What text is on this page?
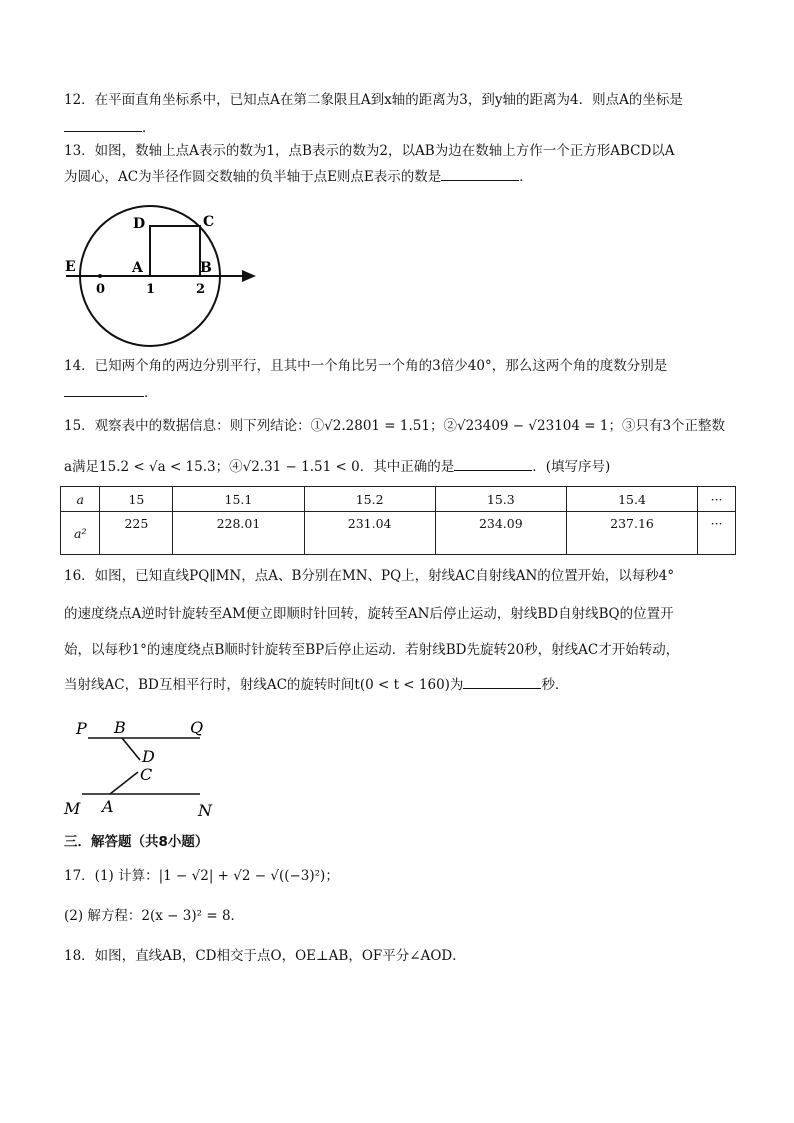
12．在平面直角坐标系中，已知点A在第二象限且A到x轴的距离为3，到y轴的距离为4．则点A的坐标是
．
13．如图，数轴上点A表示的数为1，点B表示的数为2，以AB为边在数轴上方作一个正方形ABCD以A
为圆心，AC为半径作圆交数轴的负半轴于点E则点E表示的数是	．
D	C
E	A	B
0	1	2
14．已知两个角的两边分别平行，且其中一个角比另一个角的3倍少40°，那么这两个角的度数分别是
．
15．观察表中的数据信息：则下列结论：①√2.2801 = 1.51；②√23409 − √23104 = 1；③只有3个正整数
a满足15.2 < √a < 15.3；④√2.31 − 1.51 < 0．其中正确的是	．(填写序号)
a	15	15.1	15.2	15.3	15.4	···
a²	225	228.01	231.04	234.09	237.16	···
16．如图，已知直线PQ∥MN，点A、B分别在MN、PQ上，射线AC自射线AN的位置开始，以每秒4°
的速度绕点A逆时针旋转至AM便立即顺时针回转，旋转至AN后停止运动，射线BD自射线BQ的位置开
始，以每秒1°的速度绕点B顺时针旋转至BP后停止运动．若射线BD先旋转20秒，射线AC才开始转动，
当射线AC，BD互相平行时，射线AC的旋转时间t(0 < t < 160)为	秒．
P B	Q
D
C
M A	N
三．解答题（共8小题）
17．(1) 计算：|1 − √2| + √2 − √((−3)²)；
(2) 解方程：2(x − 3)² = 8．
18．如图，直线AB，CD相交于点O，OE⊥AB，OF平分∠AOD．
